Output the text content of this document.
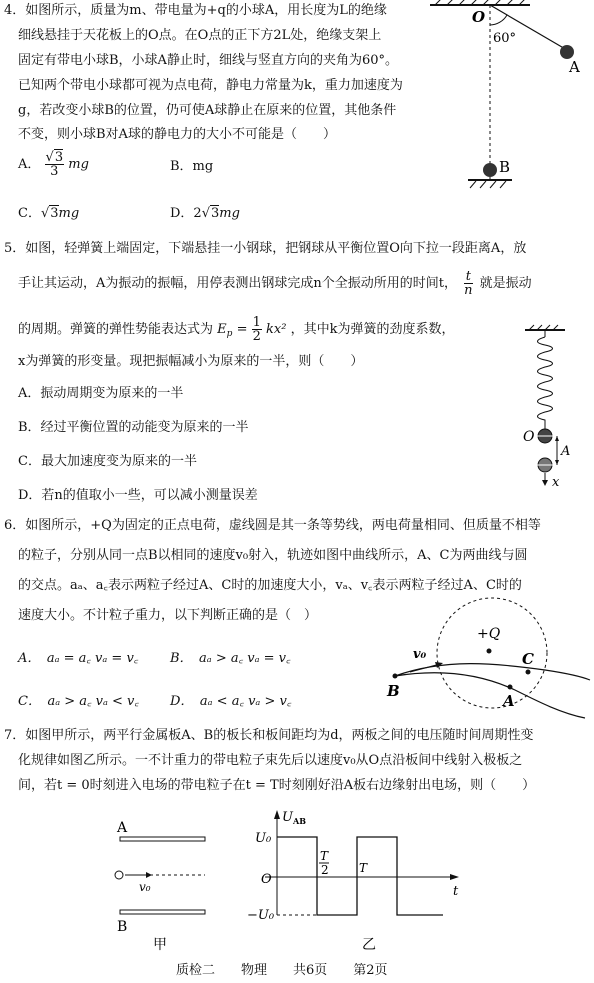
4．如图所示，质量为m、带电量为+q的小球A，用长度为L的绝缘
细线悬挂于天花板上的O点。在O点的正下方2L处，绝缘支架上
固定有带电小球B，小球A静止时，细线与竖直方向的夹角为60°。
已知两个带电小球都可视为点电荷，静电力常量为k，重力加速度为
g，若改变小球B的位置，仍可使A球静止在原来的位置，其他条件
不变，则小球B对A球的静电力的大小不可能是（　　）
A． $\frac{√3}{3}$ mg	B．mg
C．√3mg	D．2√3mg
O
60°
A
B
5．如图，轻弹簧上端固定，下端悬挂一小钢球，把钢球从平衡位置O向下拉一段距离A，放
手让其运动，A为振动的振幅，用停表测出钢球完成n个全振动所用的时间t， $\frac{t}{n}$ 就是振动
的周期。弹簧的弹性势能表达式为 $E_p = \frac{1}{2} kx^2$ ，其中k为弹簧的劲度系数，
x为弹簧的形变量。现把振幅减小为原来的一半，则（　　）
A．振动周期变为原来的一半
B．经过平衡位置的动能变为原来的一半
C．最大加速度变为原来的一半
D．若n的值取小一些，可以减小测量误差
O
A
x
6．如图所示，+Q为固定的正点电荷，虚线圆是其一条等势线，两电荷量相同、但质量不相等
的粒子，分别从同一点B以相同的速度v₀射入，轨迹如图中曲线所示，A、C为两曲线与圆
的交点。aₐ、a꜀表示两粒子经过A、C时的加速度大小，vₐ、v꜀表示两粒子经过A、C时的
速度大小。不计粒子重力，以下判断正确的是（　）
A．　aₐ = a꜀ vₐ = v꜀ B．　aₐ > a꜀ vₐ = v꜀
C．　aₐ > a꜀ vₐ < v꜀ D．　aₐ < a꜀ vₐ > v꜀
+Q
v₀
B
C
A
7．如图甲所示，两平行金属板A、B的板长和板间距均为d，两板之间的电压随时间周期性变
化规律如图乙所示。一不计重力的带电粒子束先后以速度v₀从O点沿板间中线射入极板之
间，若t = 0时刻进入电场的带电粒子在t = T时刻刚好沿A板右边缘射出电场，则（　　）
A
B
v₀
甲
U AB
U₀
−U₀
O
T
2	T
t
乙
质检二　　物理　　共6页　　第2页
